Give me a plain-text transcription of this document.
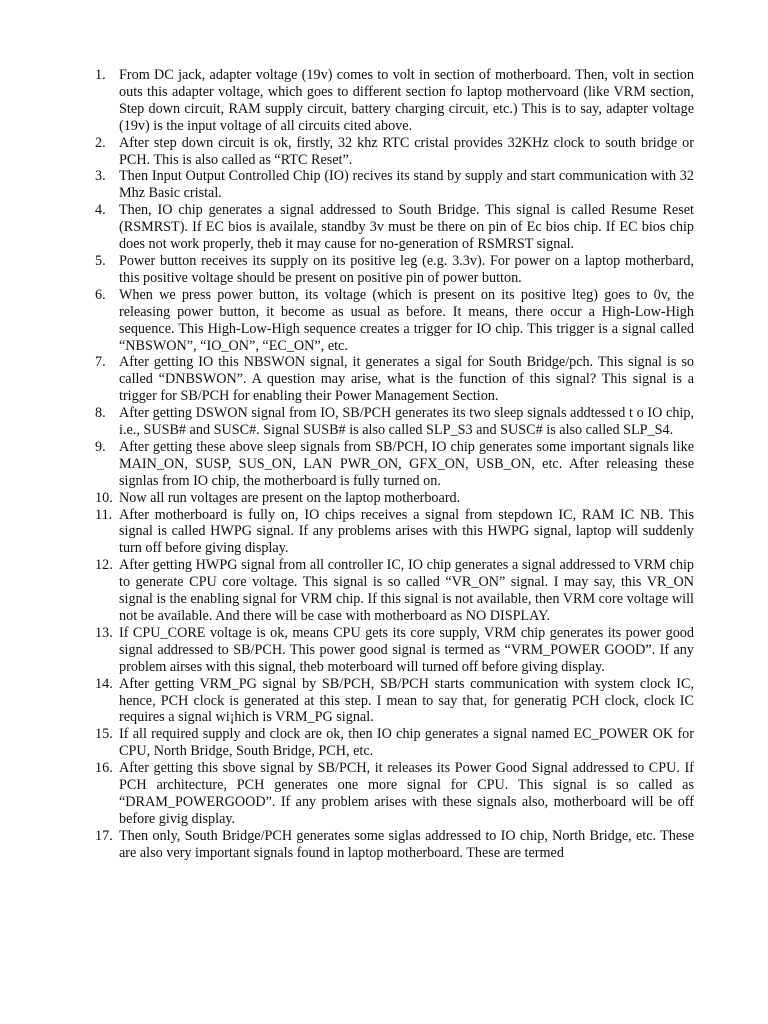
1. From DC jack, adapter voltage (19v) comes to volt in section of motherboard. Then, volt in section outs this adapter voltage, which goes to different section fo laptop mothervoard (like VRM section, Step down circuit, RAM supply circuit, battery charging circuit, etc.) This is to say, adapter voltage (19v) is the input voltage of all circuits cited above.
2. After step down circuit is ok, firstly, 32 khz RTC cristal provides 32KHz clock to south bridge or PCH. This is also called as “RTC Reset”.
3. Then Input Output Controlled Chip (IO) recives its stand by supply and start communication with 32 Mhz Basic cristal.
4. Then, IO chip generates a signal addressed to South Bridge. This signal is called Resume Reset (RSMRST). If EC bios is availale, standby 3v must be there on pin of Ec bios chip. If EC bios chip does not work properly, theb it may cause for no-generation of RSMRST signal.
5. Power button receives its supply on its positive leg (e.g. 3.3v). For power on a laptop motherbard, this positive voltage should be present on positive pin of power button.
6. When we press power button, its voltage (which is present on its positive lteg) goes to 0v, the releasing power button, it become as usual as before. It means, there occur a High-Low-High sequence. This High-Low-High sequence creates a trigger for IO chip. This trigger is a signal called “NBSWON”, “IO_ON”, “EC_ON”, etc.
7. After getting IO this NBSWON signal, it generates a sigal for South Bridge/pch. This signal is so called “DNBSWON”. A question may arise, what is the function of this signal? This signal is a trigger for SB/PCH for enabling their Power Management Section.
8. After getting DSWON signal from IO, SB/PCH generates its two sleep signals addtessed t o IO chip, i.e., SUSB# and SUSC#. Signal SUSB# is also called SLP_S3 and SUSC# is also called SLP_S4.
9. After getting these above sleep signals from SB/PCH, IO chip generates some important signals like MAIN_ON, SUSP, SUS_ON, LAN PWR_ON, GFX_ON, USB_ON, etc. After releasing these signlas from IO chip, the motherboard is fully turned on.
10. Now all run voltages are present on the laptop motherboard.
11. After motherboard is fully on, IO chips receives a signal from stepdown IC, RAM IC NB. This signal is called HWPG signal. If any problems arises with this HWPG signal, laptop will suddenly turn off before giving display.
12. After getting HWPG signal from all controller IC, IO chip generates a signal addressed to VRM chip to generate CPU core voltage. This signal is so called “VR_ON” signal. I may say, this VR_ON signal is the enabling signal for VRM chip. If this signal is not available, then VRM core voltage will not be available. And there will be case with motherboard as NO DISPLAY.
13. If CPU_CORE voltage is ok, means CPU gets its core supply, VRM chip generates its power good signal addressed to SB/PCH. This power good signal is termed as “VRM_POWER GOOD”. If any problem airses with this signal, theb moterboard will turned off before giving display.
14. After getting VRM_PG signal by SB/PCH, SB/PCH starts communication with system clock IC, hence, PCH clock is generated at this step. I mean to say that, for generatig PCH clock, clock IC requires a signal wi¡hich is VRM_PG signal.
15. If all required supply and clock are ok, then IO chip generates a signal named EC_POWER OK for CPU, North Bridge, South Bridge, PCH, etc.
16. After getting this sbove signal by SB/PCH, it releases its Power Good Signal addressed to CPU. If PCH architecture, PCH generates one more signal for CPU. This signal is so called as “DRAM_POWERGOOD”. If any problem arises with these signals also, motherboard will be off before givig display.
17. Then only, South Bridge/PCH generates some siglas addressed to IO chip, North Bridge, etc. These are also very important signals found in laptop motherboard. These are termed
